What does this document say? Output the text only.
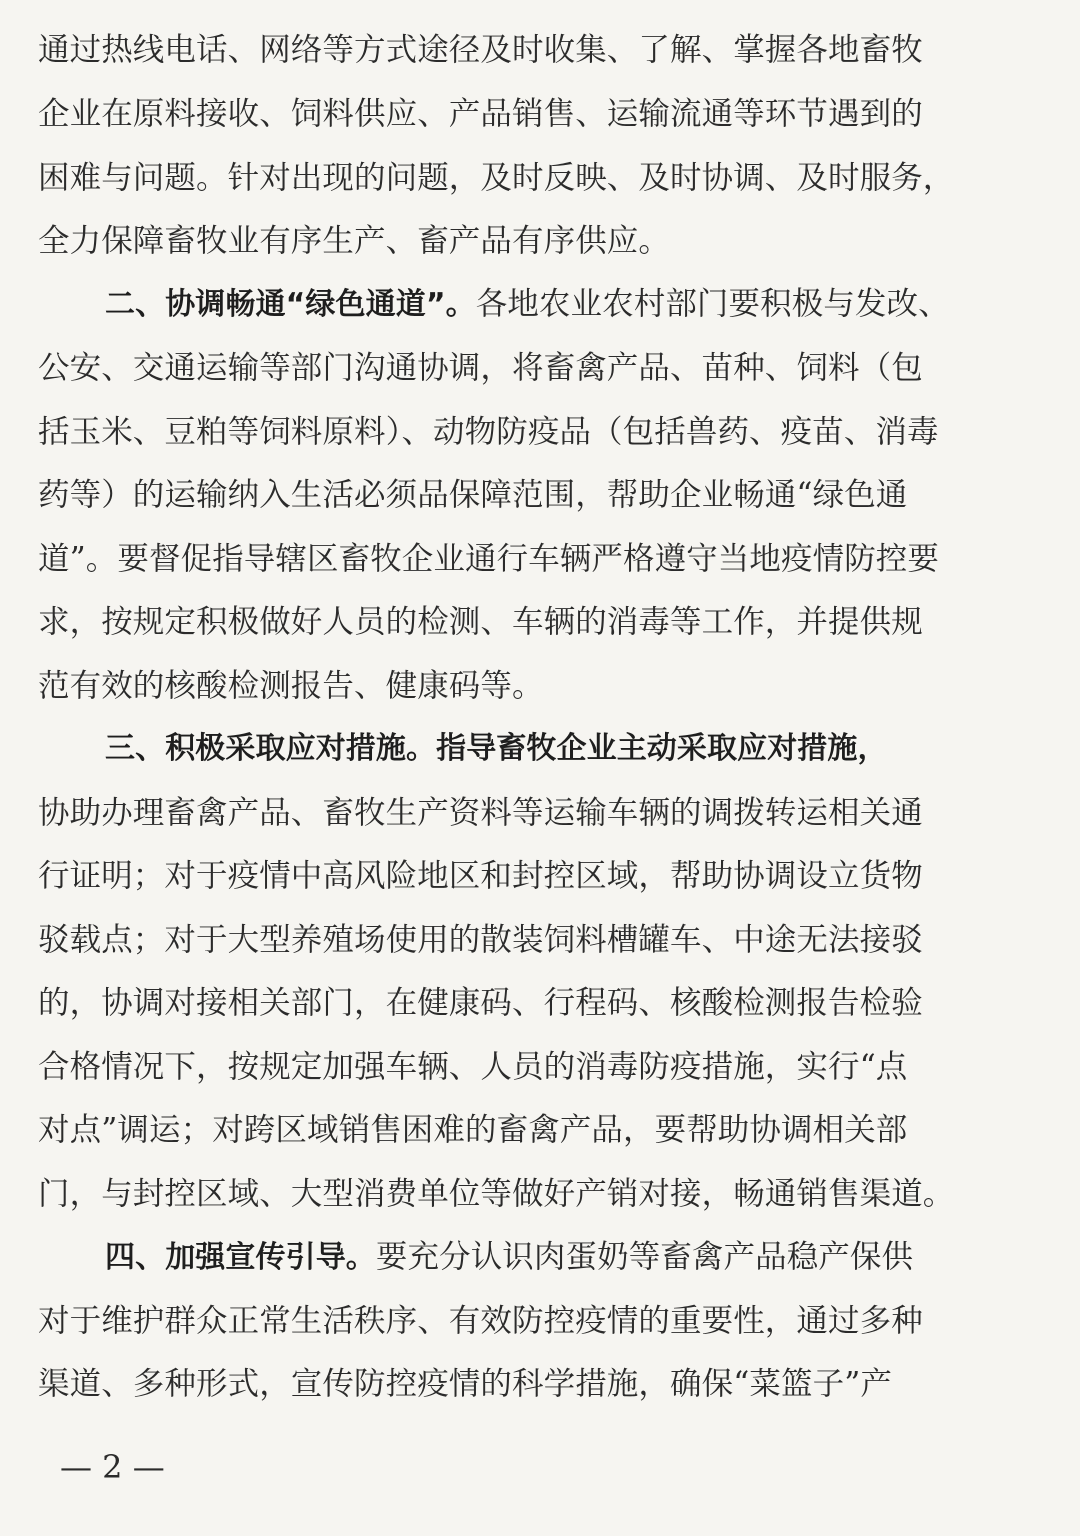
通过热线电话、网络等方式途径及时收集、了解、掌握各地畜牧
企业在原料接收、饲料供应、产品销售、运输流通等环节遇到的
困难与问题。针对出现的问题，及时反映、及时协调、及时服务，
全力保障畜牧业有序生产、畜产品有序供应。
二、协调畅通“绿色通道”。各地农业农村部门要积极与发改、
公安、交通运输等部门沟通协调，将畜禽产品、苗种、饲料（包
括玉米、豆粕等饲料原料）、动物防疫品（包括兽药、疫苗、消毒
药等）的运输纳入生活必须品保障范围，帮助企业畅通“绿色通
道”。要督促指导辖区畜牧企业通行车辆严格遵守当地疫情防控要
求，按规定积极做好人员的检测、车辆的消毒等工作，并提供规
范有效的核酸检测报告、健康码等。
三、积极采取应对措施。指导畜牧企业主动采取应对措施，
协助办理畜禽产品、畜牧生产资料等运输车辆的调拨转运相关通
行证明；对于疫情中高风险地区和封控区域，帮助协调设立货物
驳载点；对于大型养殖场使用的散装饲料槽罐车、中途无法接驳
的，协调对接相关部门，在健康码、行程码、核酸检测报告检验
合格情况下，按规定加强车辆、人员的消毒防疫措施，实行“点
对点”调运；对跨区域销售困难的畜禽产品，要帮助协调相关部
门，与封控区域、大型消费单位等做好产销对接，畅通销售渠道。
四、加强宣传引导。要充分认识肉蛋奶等畜禽产品稳产保供
对于维护群众正常生活秩序、有效防控疫情的重要性，通过多种
渠道、多种形式，宣传防控疫情的科学措施，确保“菜篮子”产
— 2 —
